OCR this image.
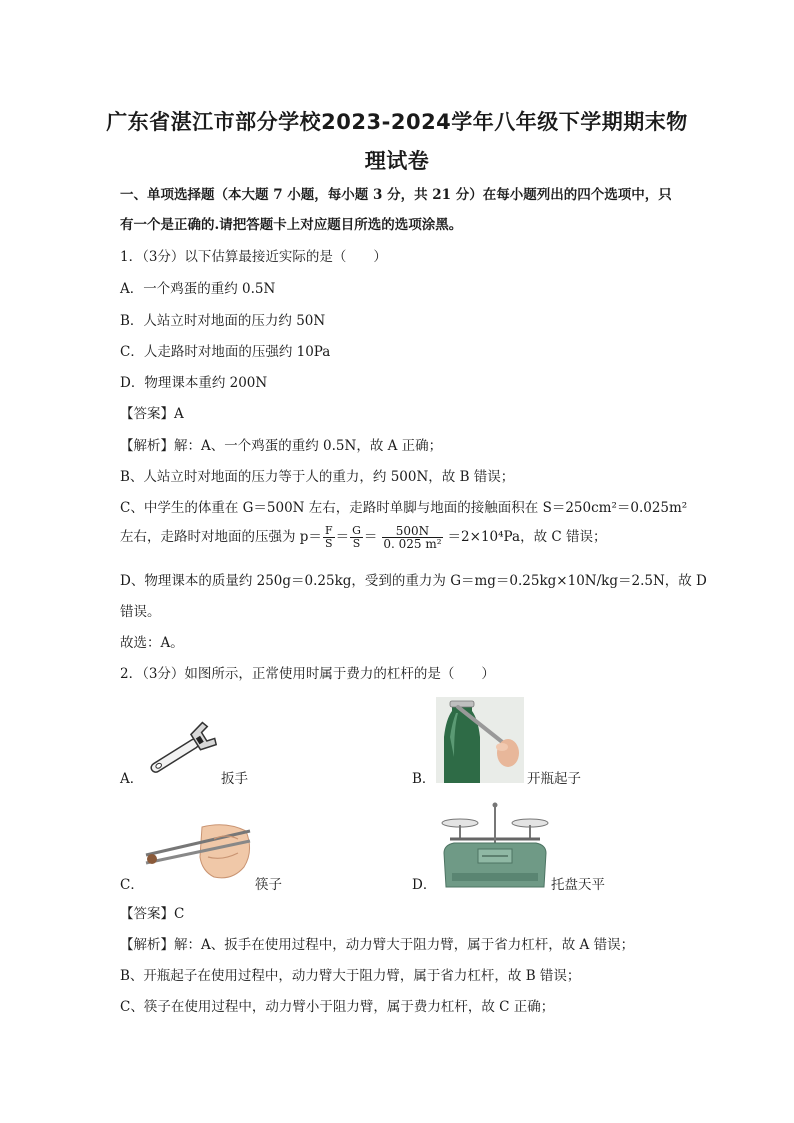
广东省湛江市部分学校2023-2024学年八年级下学期期末物
理试卷
一、单项选择题（本大题 7 小题，每小题 3 分，共 21 分）在每小题列出的四个选项中，只
有一个是正确的.请把答题卡上对应题目所选的选项涂黑。
1．（3分）以下估算最接近实际的是（　　）
A．一个鸡蛋的重约 0.5N
B．人站立时对地面的压力约 50N
C．人走路时对地面的压强约 10Pa
D．物理课本重约 200N
【答案】A
【解析】解：A、一个鸡蛋的重约 0.5N，故 A 正确；
B、人站立时对地面的压力等于人的重力，约 500N，故 B 错误；
C、中学生的体重在 G＝500N 左右，走路时单脚与地面的接触面积在 S＝250cm²＝0.025m²
左右，走路时对地面的压强为 $p= \frac{F}{S} = \frac{G}{S} = \frac{500N}{\text{0. 025 m²}} =2\times 10^4Pa$，故 C 错误；
D、物理课本的质量约 250g＝0.25kg，受到的重力为 G＝mg＝0.25kg×10N/kg＝2.5N，故 D
错误。
故选：A。
2．（3分）如图所示，正常使用时属于费力的杠杆的是（　　）
A．	扳手	B．	开瓶起子
C．	筷子	D．	托盘天平
【答案】C
【解析】解：A、扳手在使用过程中，动力臂大于阻力臂，属于省力杠杆，故 A 错误；
B、开瓶起子在使用过程中，动力臂大于阻力臂，属于省力杠杆，故 B 错误；
C、筷子在使用过程中，动力臂小于阻力臂，属于费力杠杆，故 C 正确；
